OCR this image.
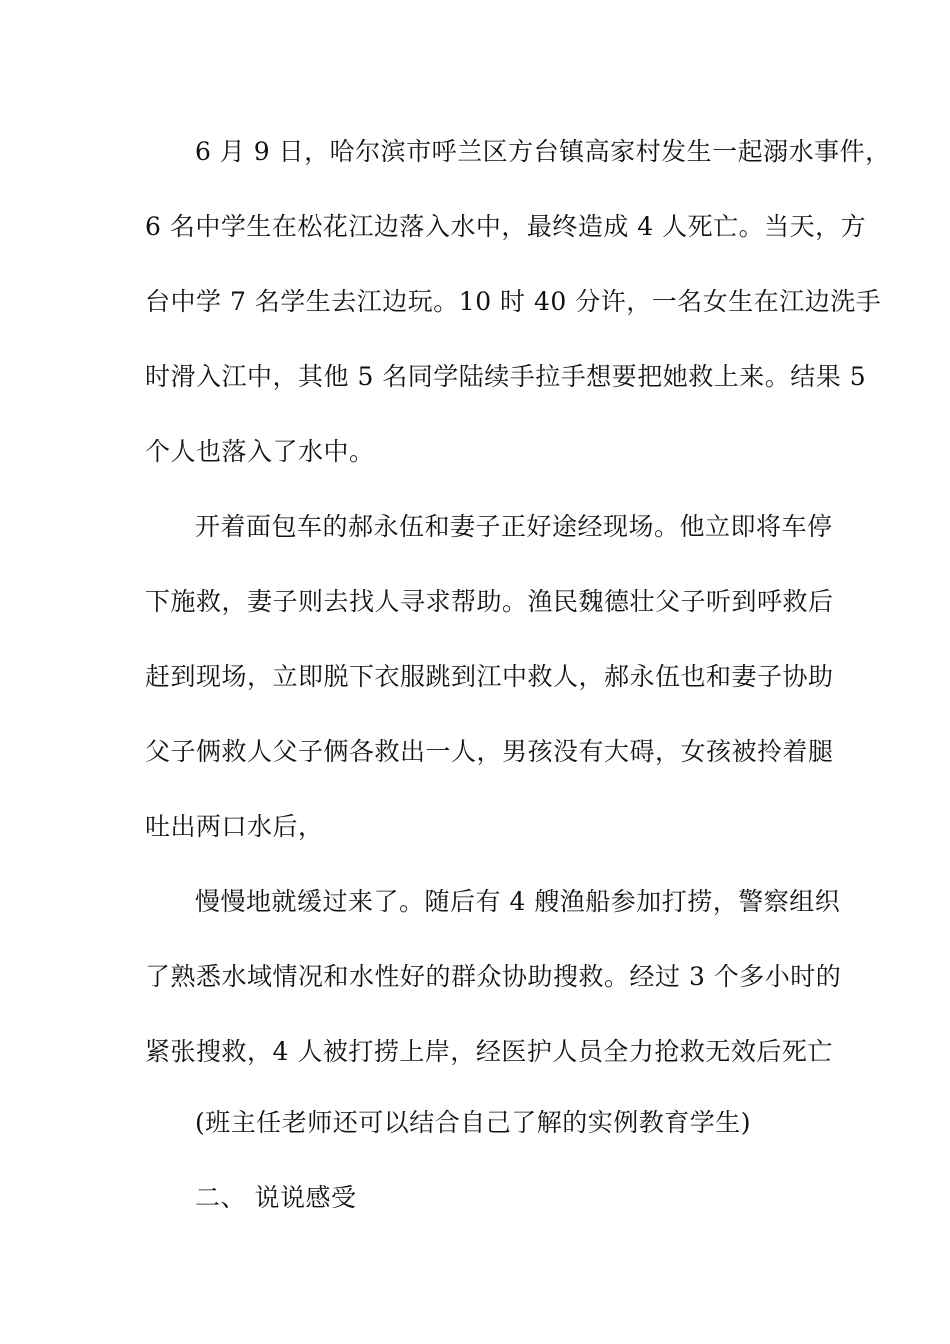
6 月 9 日，哈尔滨市呼兰区方台镇高家村发生一起溺水事件，
6 名中学生在松花江边落入水中，最终造成 4 人死亡。当天，方
台中学 7 名学生去江边玩。10 时 40 分许，一名女生在江边洗手
时滑入江中，其他 5 名同学陆续手拉手想要把她救上来。结果 5
个人也落入了水中。
开着面包车的郝永伍和妻子正好途经现场。他立即将车停
下施救，妻子则去找人寻求帮助。渔民魏德壮父子听到呼救后
赶到现场，立即脱下衣服跳到江中救人，郝永伍也和妻子协助
父子俩救人父子俩各救出一人，男孩没有大碍，女孩被拎着腿
吐出两口水后，
慢慢地就缓过来了。随后有 4 艘渔船参加打捞，警察组织
了熟悉水域情况和水性好的群众协助搜救。经过 3 个多小时的
紧张搜救，4 人被打捞上岸，经医护人员全力抢救无效后死亡
(班主任老师还可以结合自己了解的实例教育学生)
二、 说说感受
